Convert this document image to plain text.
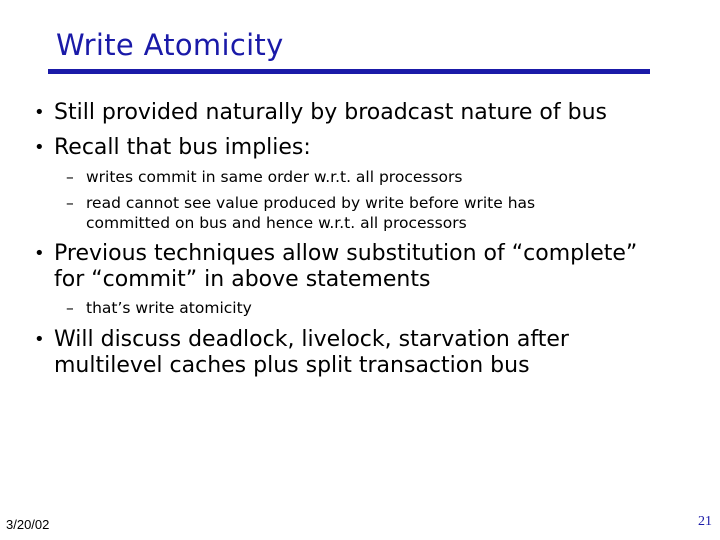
Write Atomicity
• Still provided naturally by broadcast nature of bus
• Recall that bus implies:
– writes commit in same order w.r.t. all processors
– read cannot see value produced by write before write has
committed on bus and hence w.r.t. all processors
• Previous techniques allow substitution of “complete”
for “commit” in above statements
– that’s write atomicity
• Will discuss deadlock, livelock, starvation after
multilevel caches plus split transaction bus
3/20/02	21
